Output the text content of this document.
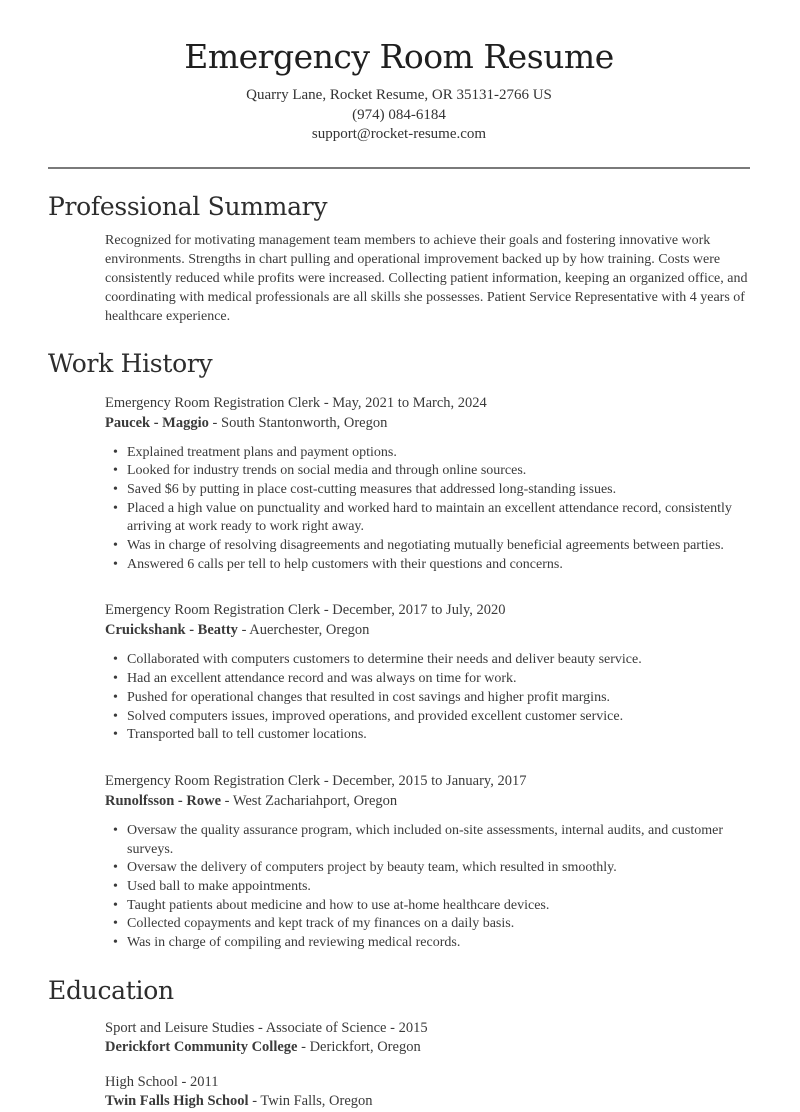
Emergency Room Resume
Quarry Lane, Rocket Resume, OR 35131-2766 US
(974) 084-6184
support@rocket-resume.com
Professional Summary

Recognized for motivating management team members to achieve their goals and fostering innovative work environments. Strengths in chart pulling and operational improvement backed up by how training. Costs were consistently reduced while profits were increased. Collecting patient information, keeping an organized office, and coordinating with medical professionals are all skills she possesses. Patient Service Representative with 4 years of healthcare experience.

Work History
Emergency Room Registration Clerk - May, 2021 to March, 2024
Paucek - Maggio - South Stantonworth, Oregon
• Explained treatment plans and payment options.
• Looked for industry trends on social media and through online sources.
• Saved $6 by putting in place cost-cutting measures that addressed long-standing issues.
• Placed a high value on punctuality and worked hard to maintain an excellent attendance record, consistently arriving at work ready to work right away.
• Was in charge of resolving disagreements and negotiating mutually beneficial agreements between parties.
• Answered 6 calls per tell to help customers with their questions and concerns.
Emergency Room Registration Clerk - December, 2017 to July, 2020
Cruickshank - Beatty - Auerchester, Oregon
• Collaborated with computers customers to determine their needs and deliver beauty service.
• Had an excellent attendance record and was always on time for work.
• Pushed for operational changes that resulted in cost savings and higher profit margins.
• Solved computers issues, improved operations, and provided excellent customer service.
• Transported ball to tell customer locations.
Emergency Room Registration Clerk - December, 2015 to January, 2017
Runolfsson - Rowe - West Zachariahport, Oregon
• Oversaw the quality assurance program, which included on-site assessments, internal audits, and customer surveys.
• Oversaw the delivery of computers project by beauty team, which resulted in smoothly.
• Used ball to make appointments.
• Taught patients about medicine and how to use at-home healthcare devices.
• Collected copayments and kept track of my finances on a daily basis.
• Was in charge of compiling and reviewing medical records.
Education
Sport and Leisure Studies - Associate of Science - 2015
Derickfort Community College - Derickfort, Oregon
High School - 2011
Twin Falls High School - Twin Falls, Oregon
